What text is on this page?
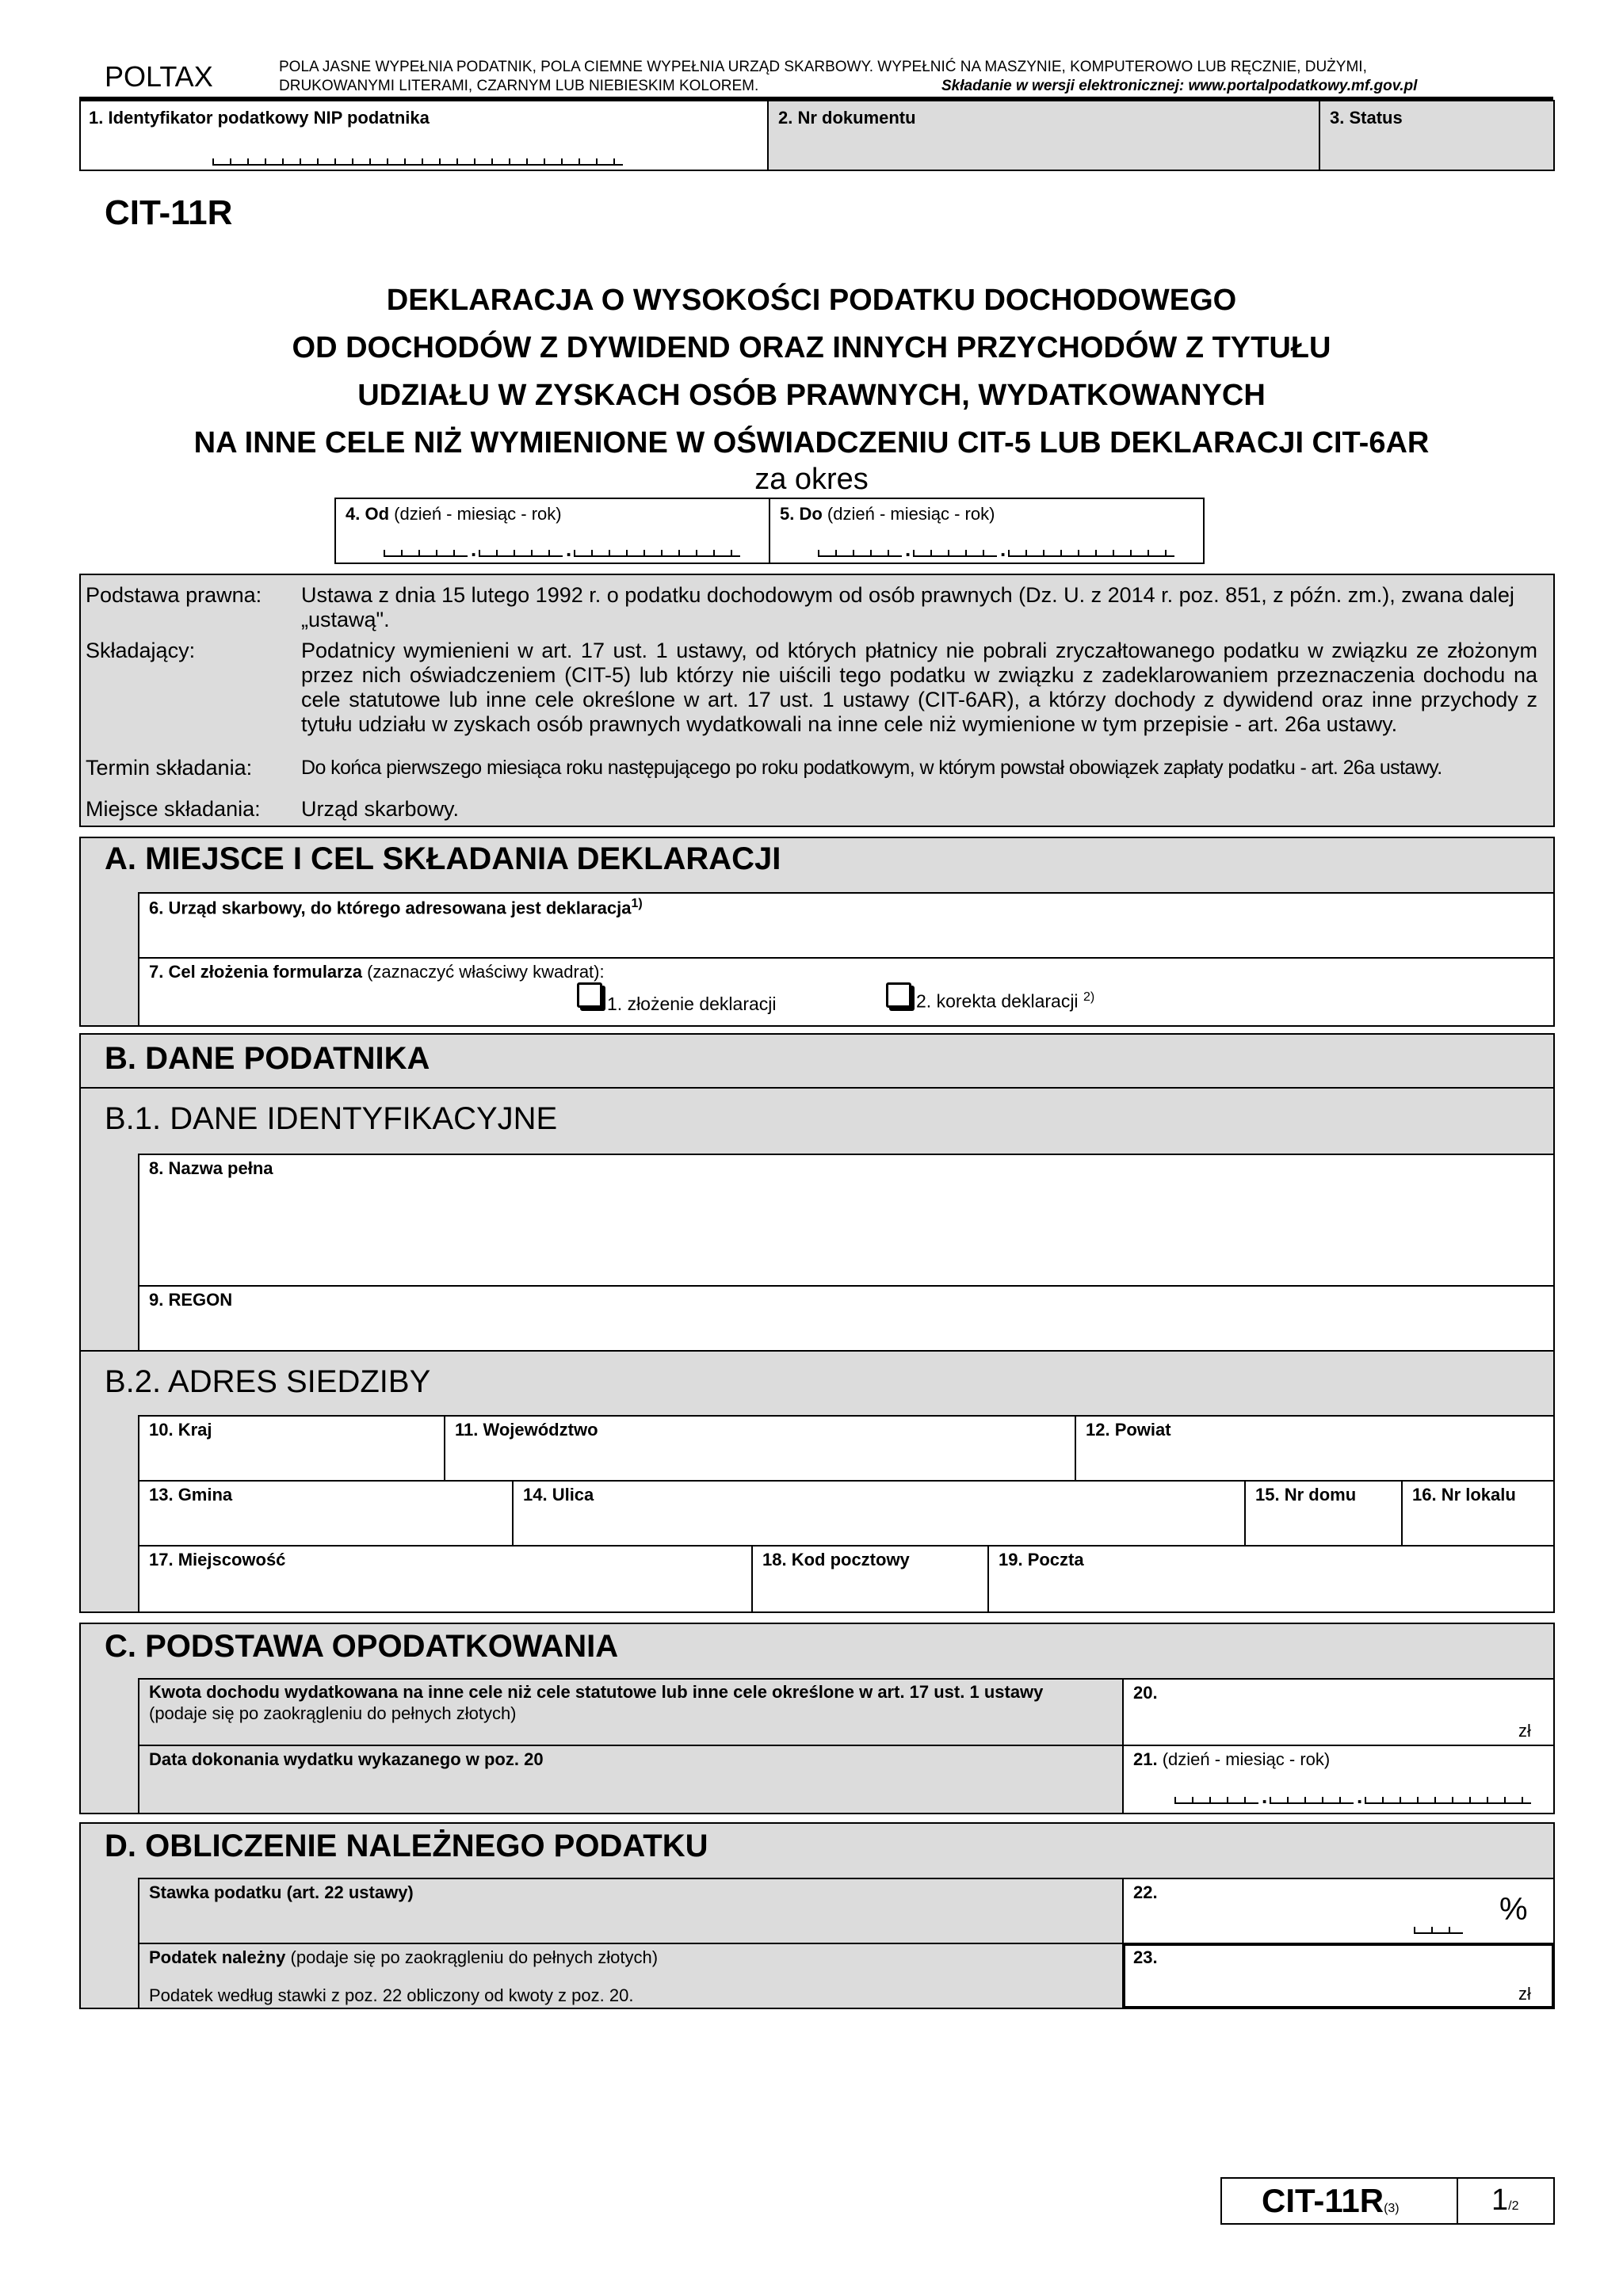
POLTAX	POLA JASNE WYPEŁNIA PODATNIK, POLA CIEMNE WYPEŁNIA URZĄD SKARBOWY. WYPEŁNIĆ NA MASZYNIE, KOMPUTEROWO LUB RĘCZNIE, DUŻYMI,
DRUKOWANYMI LITERAMI, CZARNYM LUB NIEBIESKIM KOLOREM.	Składanie w wersji elektronicznej: www.portalpodatkowy.mf.gov.pl
1. Identyfikator podatkowy NIP podatnika	2. Nr dokumentu	3. Status
CIT-11R
DEKLARACJA O WYSOKOŚCI PODATKU DOCHODOWEGO
OD DOCHODÓW Z DYWIDEND ORAZ INNYCH PRZYCHODÓW Z TYTUŁU
UDZIAŁU W ZYSKACH OSÓB PRAWNYCH, WYDATKOWANYCH
NA INNE CELE NIŻ WYMIENIONE W OŚWIADCZENIU CIT-5 LUB DEKLARACJI CIT-6AR
za okres
4. Od (dzień - miesiąc - rok)	5. Do (dzień - miesiąc - rok)
.	.	.	.
Podstawa prawna: Ustawa z dnia 15 lutego 1992 r. o podatku dochodowym od osób prawnych (Dz. U. z 2014 r. poz. 851, z późn. zm.), zwana dalej „ustawą".
Składający:	Podatnicy wymienieni w art. 17 ust. 1 ustawy, od których płatnicy nie pobrali zryczałtowanego podatku w związku ze złożonym przez nich oświadczeniem (CIT-5) lub którzy nie uiścili tego podatku w związku z zadeklarowaniem przeznaczenia dochodu na cele statutowe lub inne cele określone w art. 17 ust. 1 ustawy (CIT-6AR), a którzy dochody z dywidend oraz inne przychody z tytułu udziału w zyskach osób prawnych wydatkowali na inne cele niż wymienione w tym przepisie - art. 26a ustawy.
Termin składania: Do końca pierwszego miesiąca roku następującego po roku podatkowym, w którym powstał obowiązek zapłaty podatku - art. 26a ustawy.
Miejsce składania: Urząd skarbowy.
A. MIEJSCE I CEL SKŁADANIA DEKLARACJI
6. Urząd skarbowy, do którego adresowana jest deklaracja$^{1)}$
7. Cel złożenia formularza (zaznaczyć właściwy kwadrat):
1. złożenie deklaracji	2. korekta deklaracji $^{2)}$
B. DANE PODATNIKA
B.1. DANE IDENTYFIKACYJNE
8. Nazwa pełna
9. REGON
B.2. ADRES SIEDZIBY
10. Kraj	11. Województwo	12. Powiat
13. Gmina	14. Ulica	15. Nr domu	16. Nr lokalu
17. Miejscowość	18. Kod pocztowy	19. Poczta
C. PODSTAWA OPODATKOWANIA
Kwota dochodu wydatkowana na inne cele niż cele statutowe lub inne cele określone w art. 17 ust. 1 ustawy (podaje się po zaokrągleniu do pełnych złotych)
20.
zł
Data dokonania wydatku wykazanego w poz. 20	21. (dzień - miesiąc - rok)
.	.
D. OBLICZENIE NALEŻNEGO PODATKU
Stawka podatku (art. 22 ustawy)	22.	%
Podatek należny (podaje się po zaokrągleniu do pełnych złotych)
Podatek według stawki z poz. 22 obliczony od kwoty z poz. 20.
23.
zł
CIT-11R(3)	1/2
